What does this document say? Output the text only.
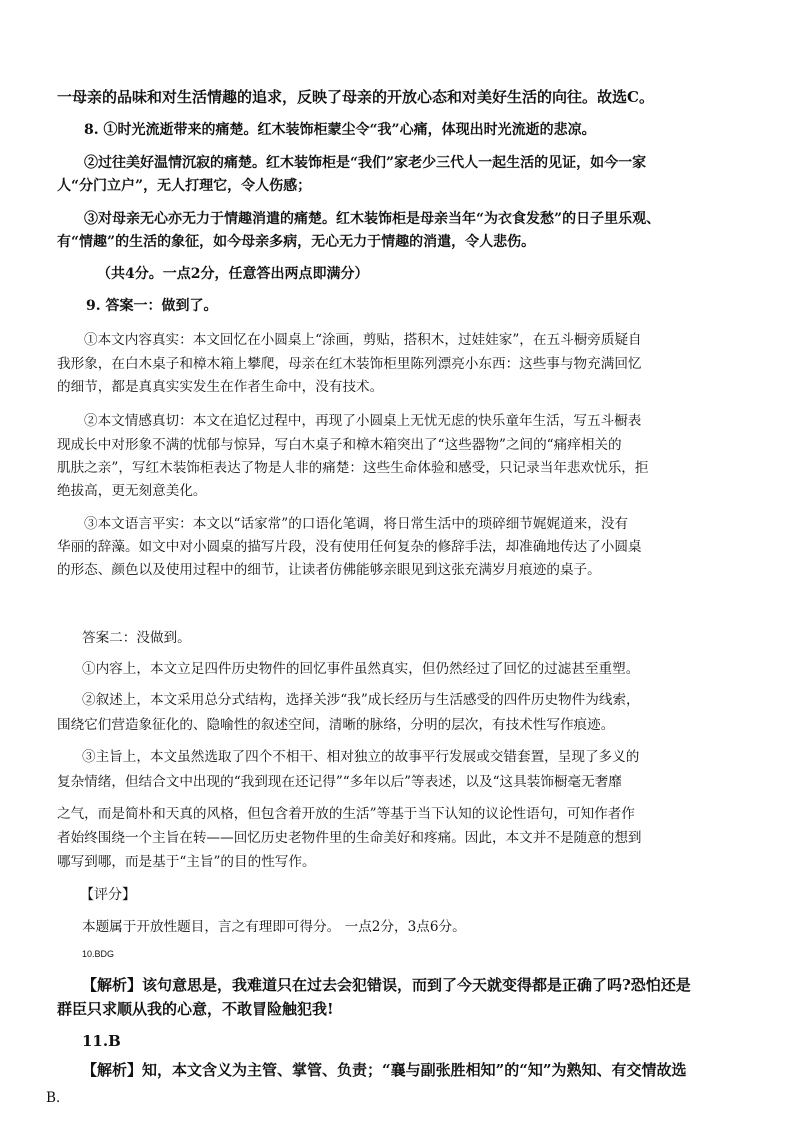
一母亲的品味和对生活情趣的追求，反映了母亲的开放心态和对美好生活的向往。故选C。
8. ①时光流逝带来的痛楚。红木装饰柜蒙尘令“我”心痛，体现出时光流逝的悲凉。
②过往美好温情沉寂的痛楚。红木装饰柜是“我们”家老少三代人一起生活的见证，如今一家
人“分门立户”，无人打理它，令人伤感；
③对母亲无心亦无力于情趣消遣的痛楚。红木装饰柜是母亲当年“为衣食发愁”的日子里乐观、
有“情趣”的生活的象征，如今母亲多病，无心无力于情趣的消遣，令人悲伤。
（共4分。一点2分，任意答出两点即满分）
9. 答案一：做到了。
①本文内容真实：本文回忆在小圆桌上“涂画，剪贴，搭积木，过娃娃家”，在五斗橱旁质疑自
我形象，在白木桌子和樟木箱上攀爬，母亲在红木装饰柜里陈列漂亮小东西：这些事与物充满回忆
的细节，都是真真实实发生在作者生命中，没有技术。
②本文情感真切：本文在追忆过程中，再现了小圆桌上无忧无虑的快乐童年生活，写五斗橱表
现成长中对形象不满的忧郁与惊异，写白木桌子和樟木箱突出了“这些器物”之间的“痛痒相关的
肌肤之亲”，写红木装饰柜表达了物是人非的痛楚：这些生命体验和感受，只记录当年悲欢忧乐，拒
绝拔高，更无刻意美化。
③本文语言平实：本文以“话家常”的口语化笔调，将日常生活中的琐碎细节娓娓道来，没有
华丽的辞藻。如文中对小圆桌的描写片段，没有使用任何复杂的修辞手法，却准确地传达了小圆桌
的形态、颜色以及使用过程中的细节，让读者仿佛能够亲眼见到这张充满岁月痕迹的桌子。
答案二：没做到。
①内容上，本文立足四件历史物件的回忆事件虽然真实，但仍然经过了回忆的过滤甚至重塑。
②叙述上，本文采用总分式结构，选择关涉“我”成长经历与生活感受的四件历史物件为线索，
围绕它们营造象征化的、隐喻性的叙述空间，清晰的脉络，分明的层次，有技术性写作痕迹。
③主旨上，本文虽然选取了四个不相干、相对独立的故事平行发展或交错套置，呈现了多义的
复杂情绪，但结合文中出现的“我到现在还记得”“多年以后”等表述，以及“这具装饰橱毫无奢靡
之气，而是简朴和天真的风格，但包含着开放的生活”等基于当下认知的议论性语句，可知作者作
者始终围绕一个主旨在转——回忆历史老物件里的生命美好和疼痛。因此，本文并不是随意的想到
哪写到哪，而是基于“主旨”的目的性写作。
【评分】
本题属于开放性题目，言之有理即可得分。 一点2分，3点6分。
10.BDG
【解析】该句意思是，我难道只在过去会犯错误，而到了今天就变得都是正确了吗?恐怕还是
群臣只求顺从我的心意，不敢冒险触犯我!
11.B
【解析】知，本文含义为主管、掌管、负责；“襄与副张胜相知”的“知”为熟知、有交情故选
B．
